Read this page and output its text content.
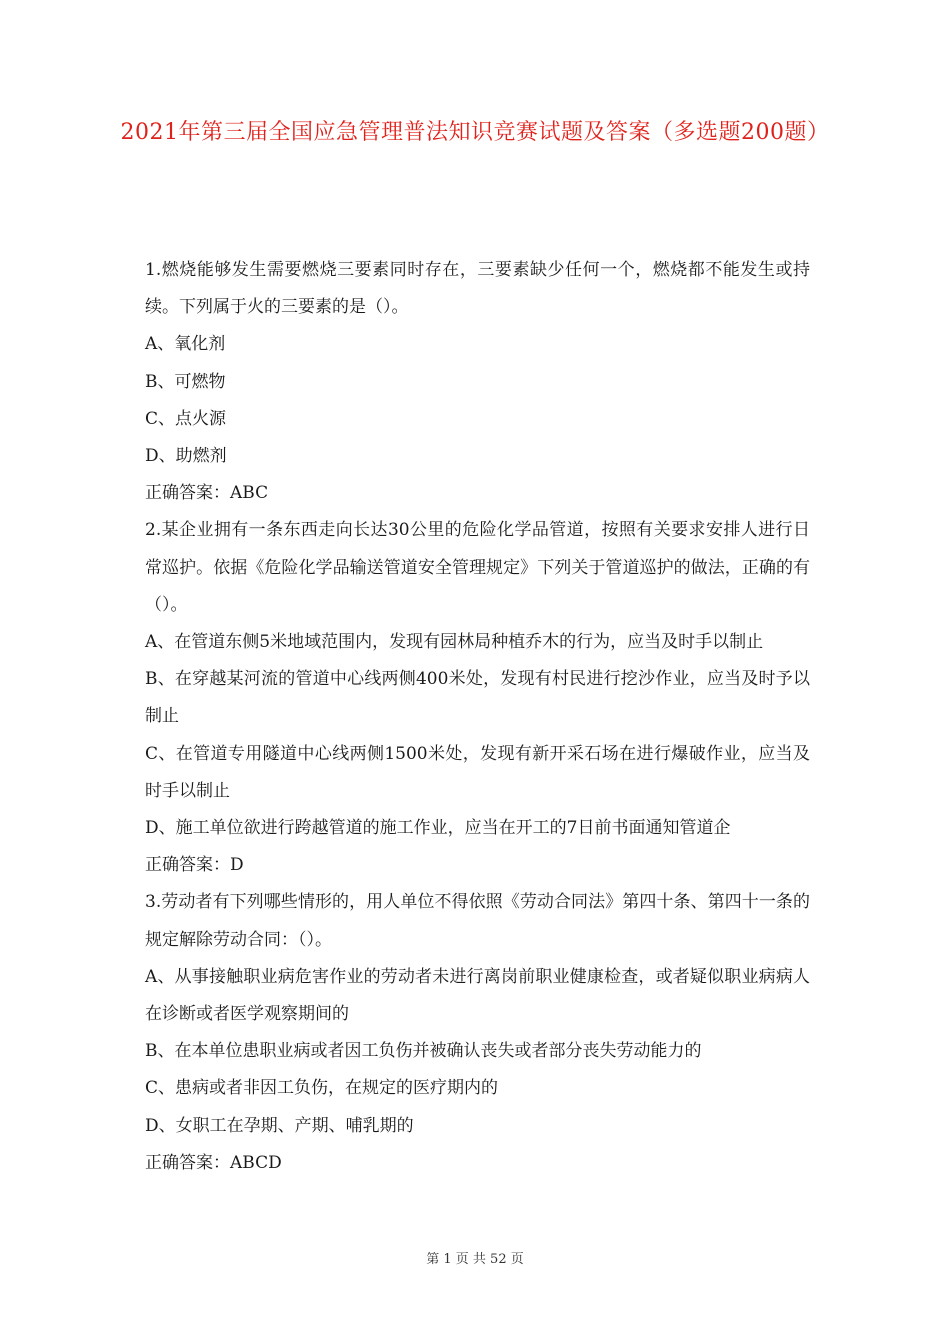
2021年第三届全国应急管理普法知识竞赛试题及答案（多选题200题）

1.燃烧能够发生需要燃烧三要素同时存在，三要素缺少任何一个，燃烧都不能发生或持续。下列属于火的三要素的是（）。

A、氧化剂

B、可燃物

C、点火源

D、助燃剂

正确答案：ABC

2.某企业拥有一条东西走向长达30公里的危险化学品管道，按照有关要求安排人进行日常巡护。依据《危险化学品输送管道安全管理规定》下列关于管道巡护的做法，正确的有（）。

A、在管道东侧5米地域范围内，发现有园林局种植乔木的行为，应当及时手以制止

B、在穿越某河流的管道中心线两侧400米处，发现有村民进行挖沙作业，应当及时予以制止

C、在管道专用隧道中心线两侧1500米处，发现有新开采石场在进行爆破作业，应当及时手以制止

D、施工单位欲进行跨越管道的施工作业，应当在开工的7日前书面通知管道企

正确答案：D

3.劳动者有下列哪些情形的，用人单位不得依照《劳动合同法》第四十条、第四十一条的规定解除劳动合同：（）。

A、从事接触职业病危害作业的劳动者未进行离岗前职业健康检查，或者疑似职业病病人在诊断或者医学观察期间的

B、在本单位患职业病或者因工负伤并被确认丧失或者部分丧失劳动能力的

C、患病或者非因工负伤，在规定的医疗期内的

D、女职工在孕期、产期、哺乳期的

正确答案：ABCD

第 1 页 共 52 页
